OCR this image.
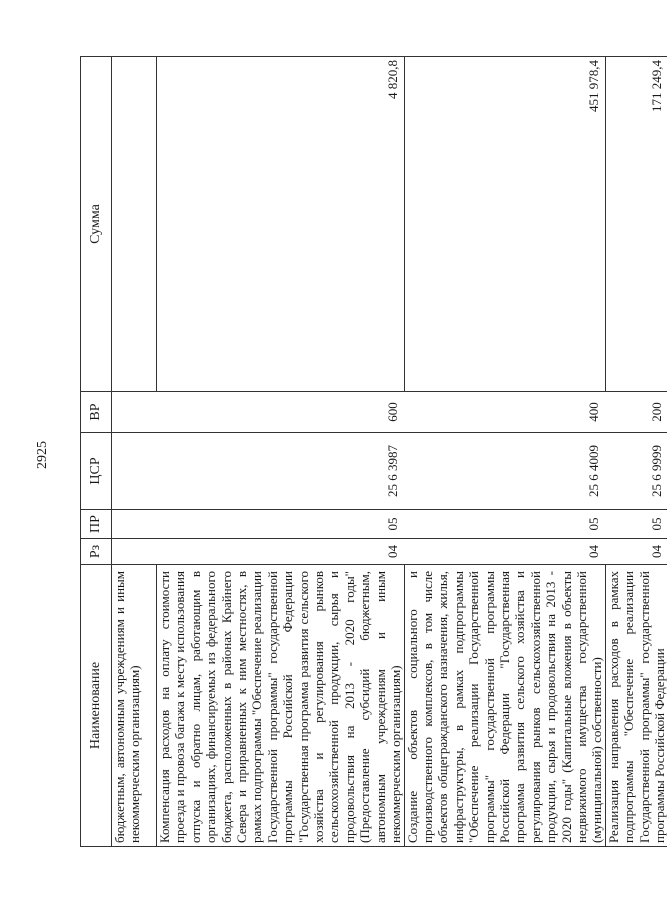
2925
Наименование	Рз	ПР	ЦСР	ВР	Сумма
бюджетным, автономным учреждениям и иным некоммерческим организациям)					
Компенсация расходов на оплату стоимости проезда и провоза багажа к месту использования отпуска и обратно лицам, работающим в организациях, финансируемых из федерального бюджета, расположенных в районах Крайнего Севера и приравненных к ним местностях, в рамках подпрограммы "Обеспечение реализации Государственной программы" государственной программы Российской Федерации "Государственная программа развития сельского хозяйства и регулирования рынков сельскохозяйственной продукции, сырья и продовольствия на 2013 - 2020 годы" (Предоставление субсидий бюджетным, автономным учреждениям и иным некоммерческим организациям)	04	05	25 6 3987	600	4 820,8
Создание объектов социального и производственного комплексов, в том числе объектов общегражданского назначения, жилья, инфраструктуры, в рамках подпрограммы "Обеспечение реализации Государственной программы" государственной программы Российской Федерации "Государственная программа развития сельского хозяйства и регулирования рынков сельскохозяйственной продукции, сырья и продовольствия на 2013 - 2020 годы" (Капитальные вложения в объекты недвижимого имущества государственной (муниципальной) собственности)	04	05	25 6 4009	400	451 978,4
Реализация направления расходов в рамках подпрограммы "Обеспечение реализации Государственной программы" государственной программы Российской Федерации	04	05	25 6 9999	200	171 249,4
